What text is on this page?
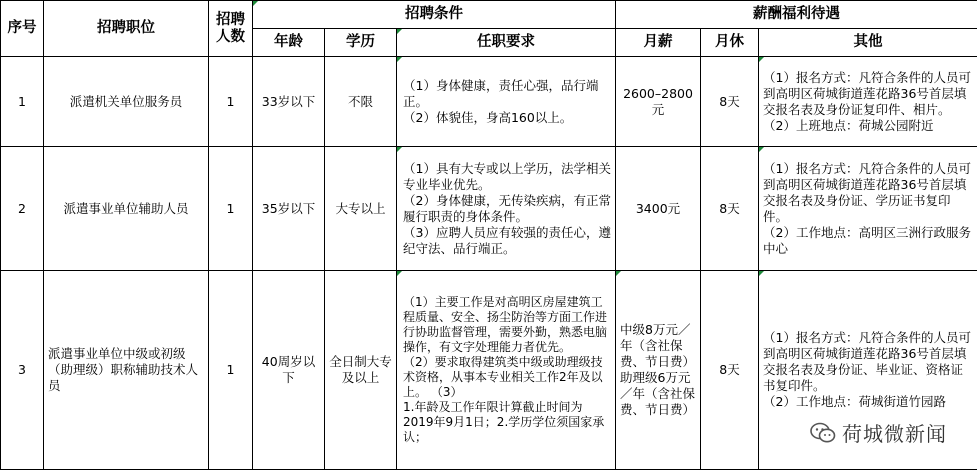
序号	招聘职位	招聘
人数	招聘条件			薪酬福利待遇		
			年龄	学历	任职要求	月薪	月休	其他
1	派遣机关单位服务员	1	33岁以下	不限	（1）身体健康，责任心强，品行端正。
（2）体貌佳，身高160以上。	2600–2800元	8天	（1）报名方式：凡符合条件的人员可到高明区荷城街道莲花路36号首层填交报名表及身份证复印件、相片。
（2）上班地点：荷城公园附近

2	派遣事业单位辅助人员	1	35岁以下	大专以上	（1）具有大专或以上学历，法学相关专业毕业优先。
（2）身体健康，无传染疾病，有正常履行职责的身体条件。
（3）应聘人员应有较强的责任心，遵纪守法、品行端正。	3400元	8天	（1）报名方式：凡符合条件的人员可到高明区荷城街道莲花路36号首层填交报名表及身份证、学历证书复印件。
（2）工作地点：高明区三洲行政服务中心

3	派遣事业单位中级或初级（助理级）职称辅助技术人员	1	40周岁以下	全日制大专及以上	（1）主要工作是对高明区房屋建筑工程质量、安全、扬尘防治等方面工作进行协助监督管理，需要外勤，熟悉电脑操作，有文字处理能力者优先。
（2）要求取得建筑类中级或助理级技术资格，从事本专业相关工作2年及以上。 （3）
1.年龄及工作年限计算截止时间为2019年9月1日；2.学历学位须国家承认；	中级8万元／年（含社保费、节日费）助理级6万元／年（含社保费、节日费）	8天	（1）报名方式：凡符合条件的人员可到高明区荷城街道莲花路36号首层填交报名表及身份证、毕业证、资格证书复印件。
（2）工作地点：荷城街道竹园路
荷城微新闻
